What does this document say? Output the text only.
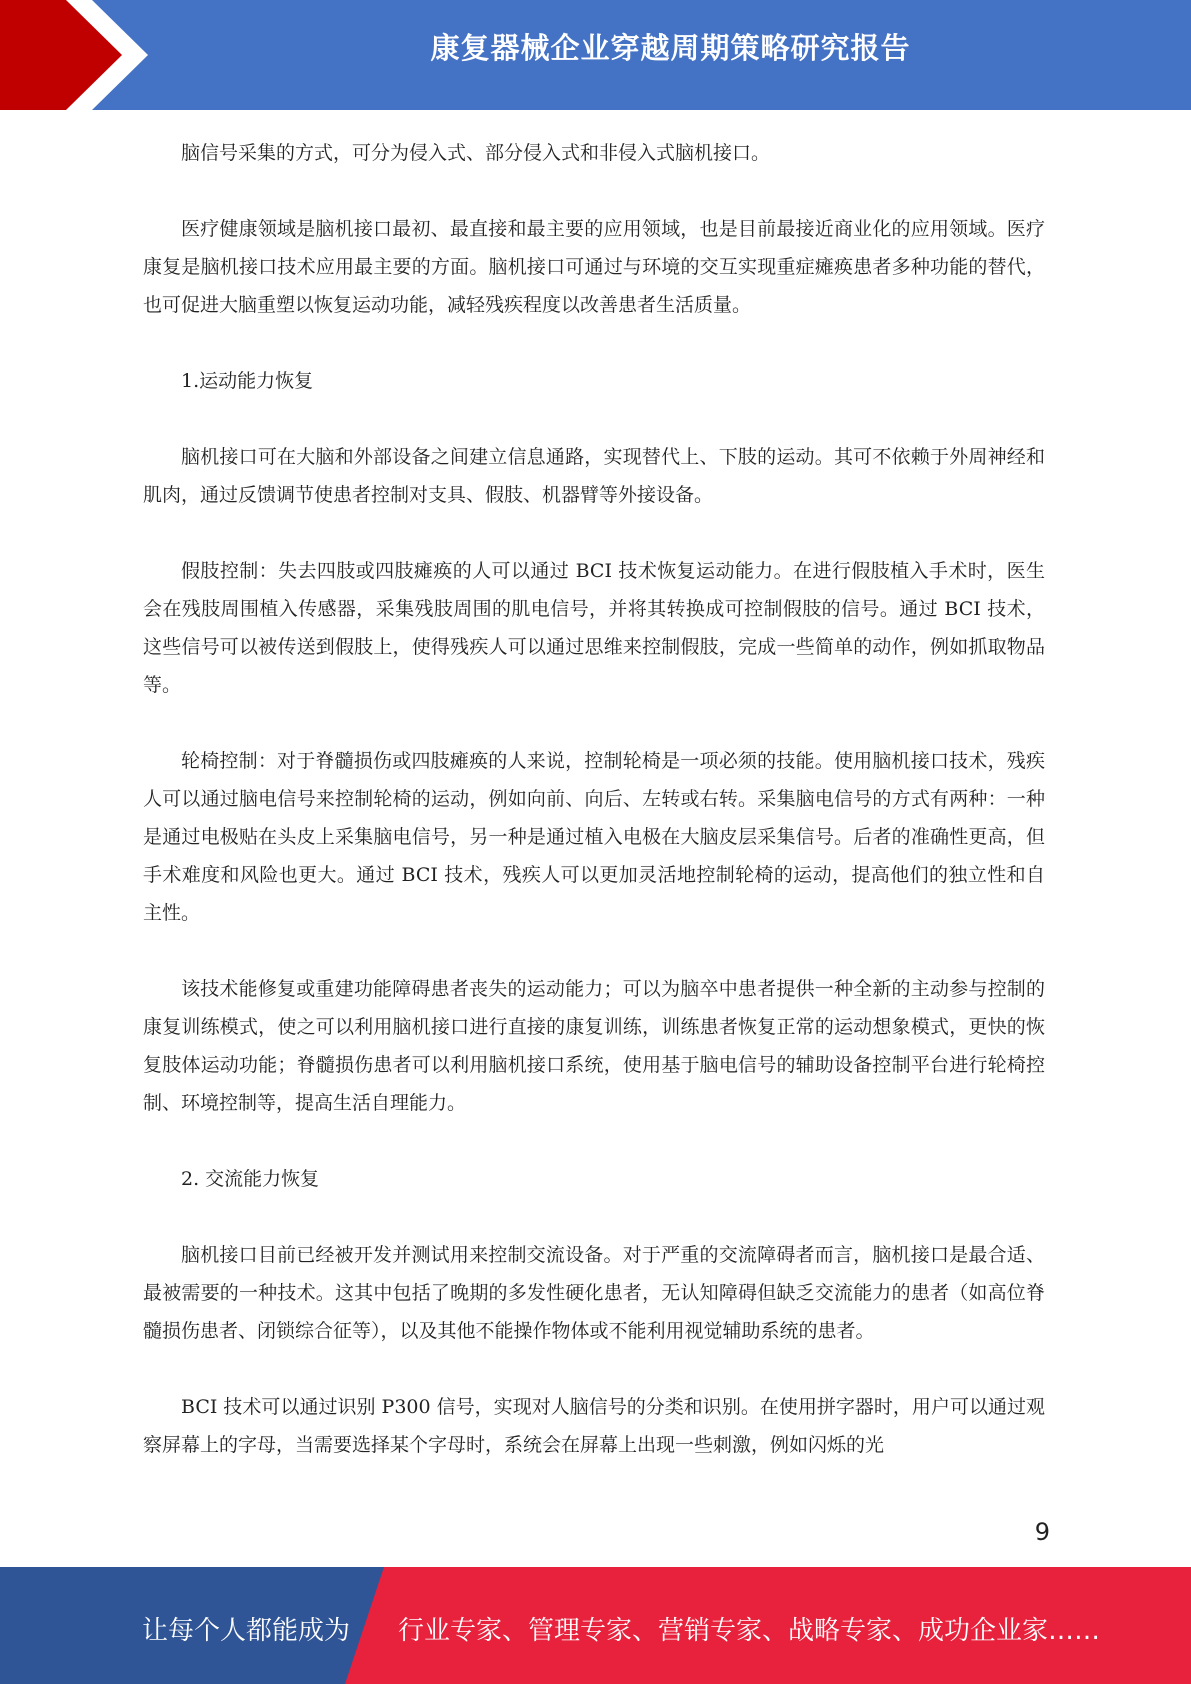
康复器械企业穿越周期策略研究报告

脑信号采集的方式，可分为侵入式、部分侵入式和非侵入式脑机接口。

医疗健康领域是脑机接口最初、最直接和最主要的应用领域，也是目前最接近商业化的应用领域。医疗康复是脑机接口技术应用最主要的方面。脑机接口可通过与环境的交互实现重症瘫痪患者多种功能的替代，也可促进大脑重塑以恢复运动功能，减轻残疾程度以改善患者生活质量。

1.运动能力恢复

脑机接口可在大脑和外部设备之间建立信息通路，实现替代上、下肢的运动。其可不依赖于外周神经和肌肉，通过反馈调节使患者控制对支具、假肢、机器臂等外接设备。

假肢控制：失去四肢或四肢瘫痪的人可以通过 BCI 技术恢复运动能力。在进行假肢植入手术时，医生会在残肢周围植入传感器，采集残肢周围的肌电信号，并将其转换成可控制假肢的信号。通过 BCI 技术，这些信号可以被传送到假肢上，使得残疾人可以通过思维来控制假肢，完成一些简单的动作，例如抓取物品等。

轮椅控制：对于脊髓损伤或四肢瘫痪的人来说，控制轮椅是一项必须的技能。使用脑机接口技术，残疾人可以通过脑电信号来控制轮椅的运动，例如向前、向后、左转或右转。采集脑电信号的方式有两种：一种是通过电极贴在头皮上采集脑电信号，另一种是通过植入电极在大脑皮层采集信号。后者的准确性更高，但手术难度和风险也更大。通过 BCI 技术，残疾人可以更加灵活地控制轮椅的运动，提高他们的独立性和自主性。

该技术能修复或重建功能障碍患者丧失的运动能力；可以为脑卒中患者提供一种全新的主动参与控制的康复训练模式，使之可以利用脑机接口进行直接的康复训练，训练患者恢复正常的运动想象模式，更快的恢复肢体运动功能；脊髓损伤患者可以利用脑机接口系统，使用基于脑电信号的辅助设备控制平台进行轮椅控制、环境控制等，提高生活自理能力。

2. 交流能力恢复

脑机接口目前已经被开发并测试用来控制交流设备。对于严重的交流障碍者而言，脑机接口是最合适、最被需要的一种技术。这其中包括了晚期的多发性硬化患者，无认知障碍但缺乏交流能力的患者（如高位脊髓损伤患者、闭锁综合征等），以及其他不能操作物体或不能利用视觉辅助系统的患者。

BCI 技术可以通过识别 P300 信号，实现对人脑信号的分类和识别。在使用拼字器时，用户可以通过观察屏幕上的字母，当需要选择某个字母时，系统会在屏幕上出现一些刺激，例如闪烁的光

9
让每个人都能成为 行业专家、管理专家、营销专家、战略专家、成功企业家……
